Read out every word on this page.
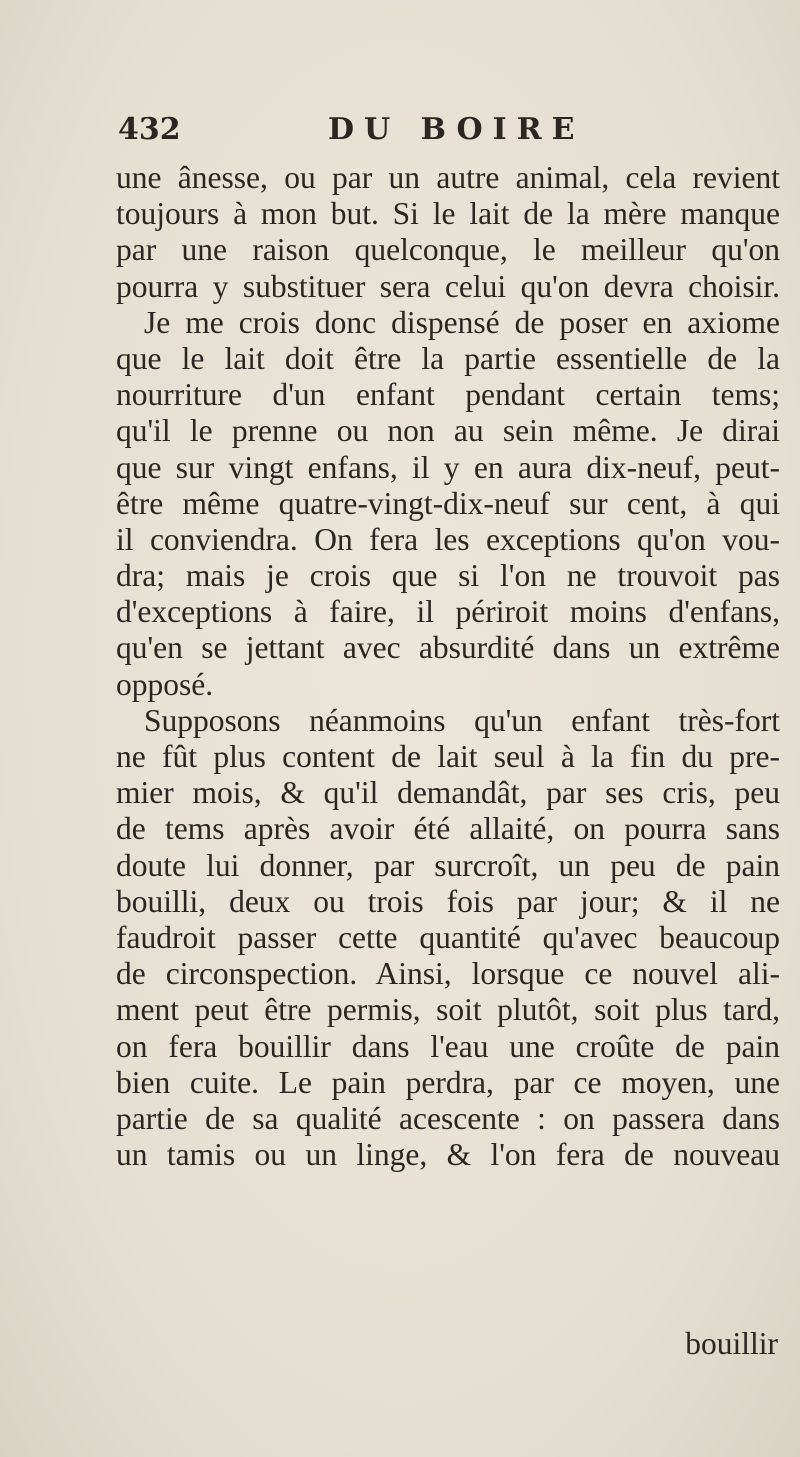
432	DU BOIRE
une ânesse, ou par un autre animal, cela revient
toujours à mon but. Si le lait de la mère manque
par une raison quelconque, le meilleur qu'on
pourra y substituer sera celui qu'on devra choisir.
Je me crois donc dispensé de poser en axiome
que le lait doit être la partie essentielle de la
nourriture d'un enfant pendant certain tems;
qu'il le prenne ou non au sein même. Je dirai
que sur vingt enfans, il y en aura dix-neuf, peut-
être même quatre-vingt-dix-neuf sur cent, à qui
il conviendra. On fera les exceptions qu'on vou-
dra; mais je crois que si l'on ne trouvoit pas
d'exceptions à faire, il périroit moins d'enfans,
qu'en se jettant avec absurdité dans un extrême
opposé.
Supposons néanmoins qu'un enfant très-fort
ne fût plus content de lait seul à la fin du pre-
mier mois, & qu'il demandât, par ses cris, peu
de tems après avoir été allaité, on pourra sans
doute lui donner, par surcroît, un peu de pain
bouilli, deux ou trois fois par jour; & il ne
faudroit passer cette quantité qu'avec beaucoup
de circonspection. Ainsi, lorsque ce nouvel ali-
ment peut être permis, soit plutôt, soit plus tard,
on fera bouillir dans l'eau une croûte de pain
bien cuite. Le pain perdra, par ce moyen, une
partie de sa qualité acescente : on passera dans
un tamis ou un linge, & l'on fera de nouveau
bouillir
